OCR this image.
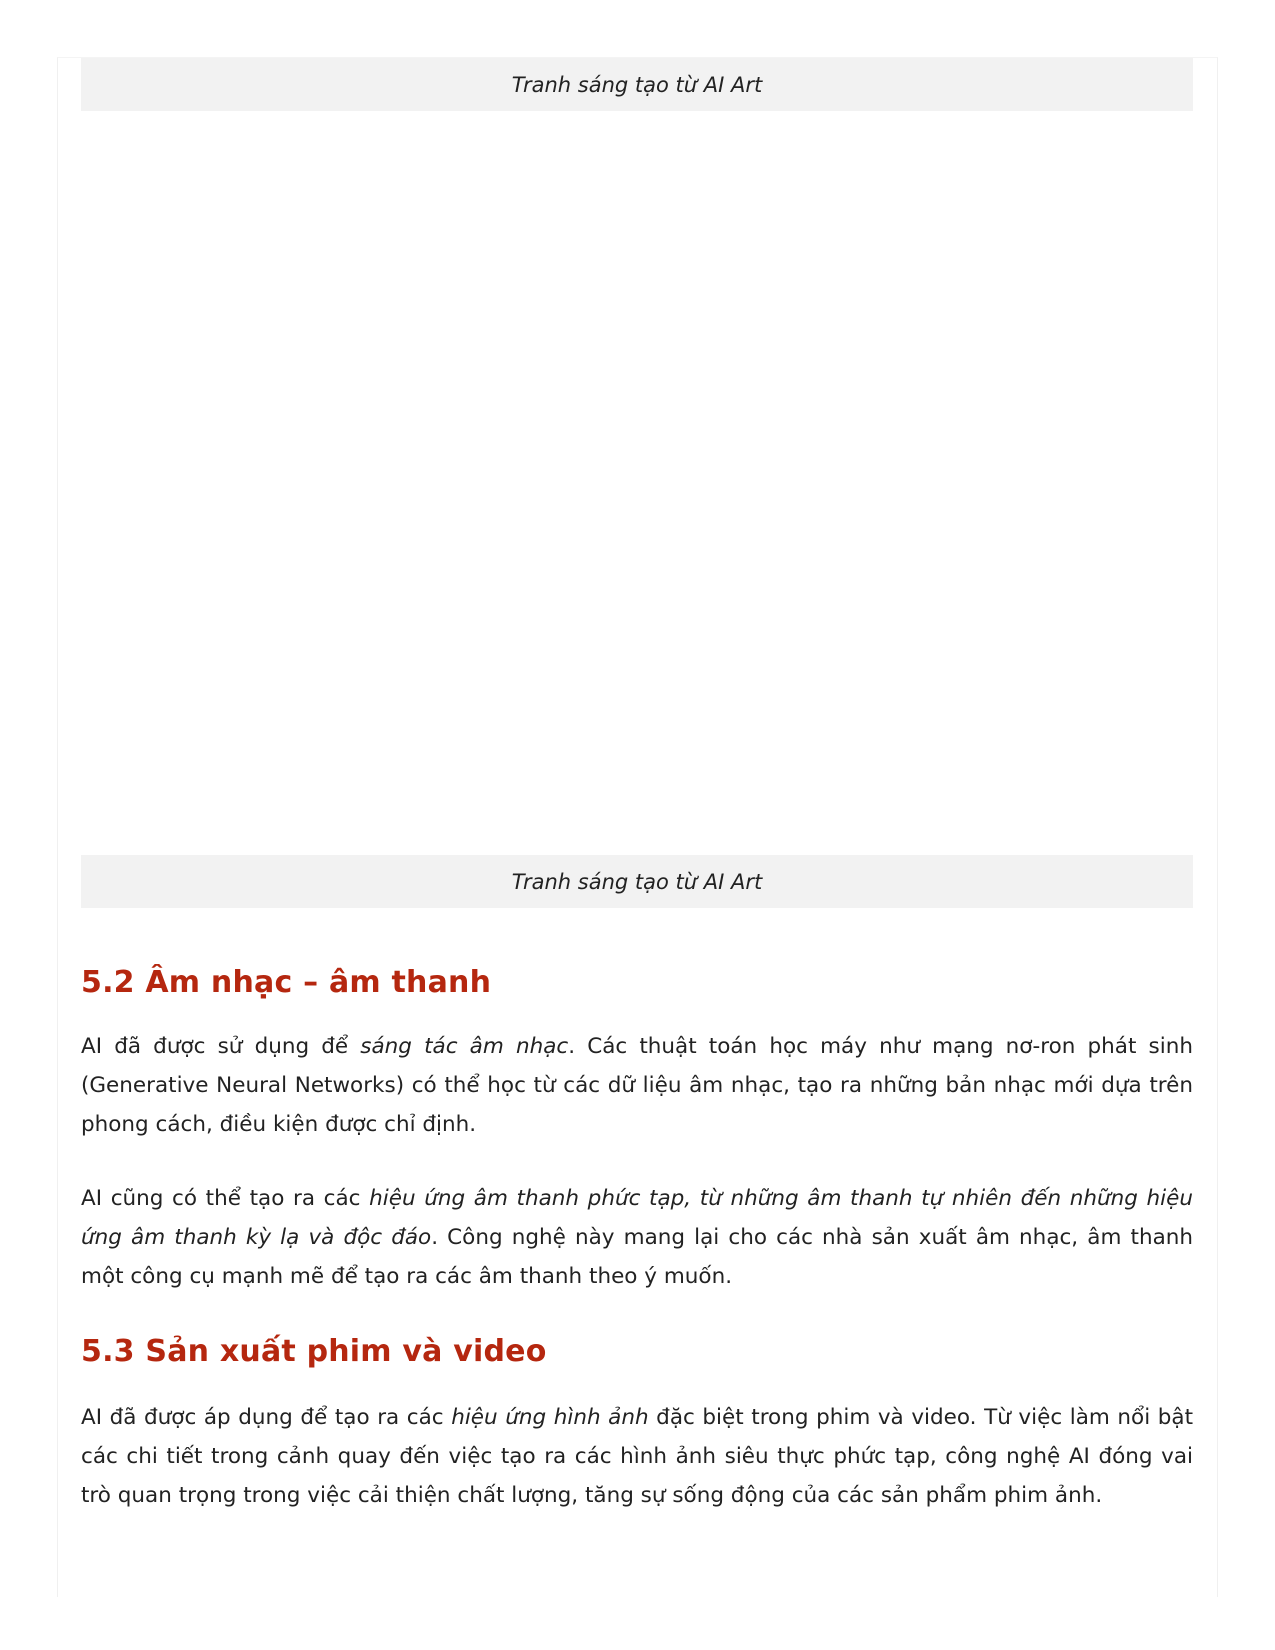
Tranh sáng tạo từ AI Art
Tranh sáng tạo từ AI Art
5.2 Âm nhạc – âm thanh

AI đã được sử dụng để sáng tác âm nhạc. Các thuật toán học máy như mạng nơ-ron phát sinh (Generative Neural Networks) có thể học từ các dữ liệu âm nhạc, tạo ra những bản nhạc mới dựa trên phong cách, điều kiện được chỉ định.

AI cũng có thể tạo ra các hiệu ứng âm thanh phức tạp, từ những âm thanh tự nhiên đến những hiệu ứng âm thanh kỳ lạ và độc đáo. Công nghệ này mang lại cho các nhà sản xuất âm nhạc, âm thanh một công cụ mạnh mẽ để tạo ra các âm thanh theo ý muốn.

5.3 Sản xuất phim và video

AI đã được áp dụng để tạo ra các hiệu ứng hình ảnh đặc biệt trong phim và video. Từ việc làm nổi bật các chi tiết trong cảnh quay đến việc tạo ra các hình ảnh siêu thực phức tạp, công nghệ AI đóng vai trò quan trọng trong việc cải thiện chất lượng, tăng sự sống động của các sản phẩm phim ảnh.
